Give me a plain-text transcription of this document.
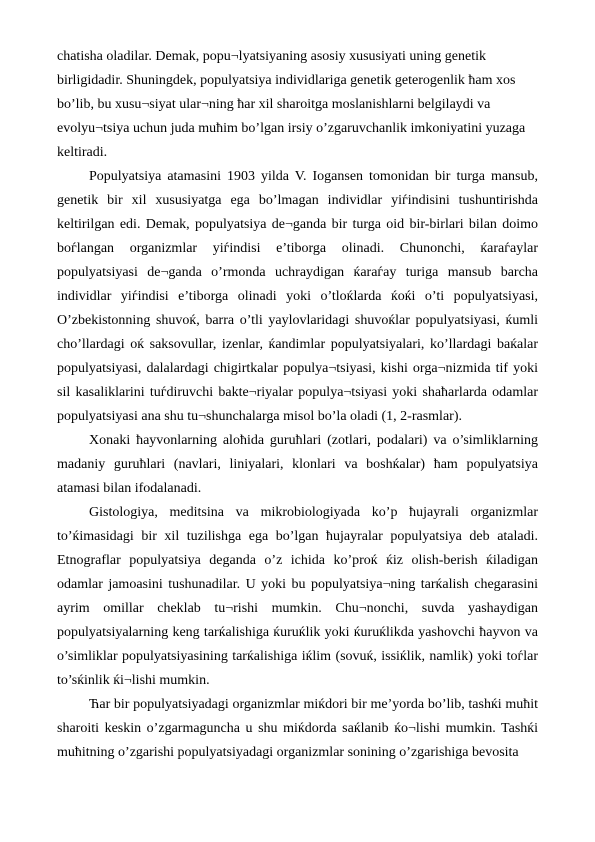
chatisha oladilar. Demak, popu¬lyatsiyaning asosiy xususiyati uning genetik
birligidadir. Shuningdek, populyatsiya individlariga genetik geterogenlik ћam xos
bo’lib, bu xusu¬siyat ular¬ning ћar xil sharoitga moslanishlarni belgilaydi va
evolyu¬tsiya uchun juda muћim bo’lgan irsiy o’zgaruvchanlik imkoniyatini yuzaga
keltiradi.

Populyatsiya atamasini 1903 yilda V. Iogansen tomonidan bir turga mansub, genetik bir xil xususiyatga ega bo’lmagan individlar yiѓindisini tushuntirishda keltirilgan edi. Demak, populyatsiya de¬ganda bir turga oid bir-birlari bilan doimo boѓlangan organizmlar yiѓindisi e’tiborga olinadi. Chunonchi, ќaraѓaylar populyatsiyasi de¬ganda o’rmonda uchraydigan ќaraѓay turiga mansub barcha individlar yiѓindisi e’tiborga olinadi yoki o’tloќlarda ќoќi o’ti populyatsiyasi, O’zbekistonning shuvoќ, barra o’tli yaylovlaridagi shuvoќlar populyatsiyasi, ќumli cho’llardagi oќ saksovullar, izenlar, ќandimlar populyatsiyalari, ko’llardagi baќalar populyatsiyasi, dalalardagi chigirtkalar populya¬tsiyasi, kishi orga¬nizmida tif yoki sil kasaliklarini tuѓdiruvchi bakte¬riyalar populya¬tsiyasi yoki shaћarlarda odamlar populyatsiyasi ana shu tu¬shunchalarga misol bo’la oladi (1, 2-rasmlar).

Xonaki ћayvonlarning aloћida guruћlari (zotlari, podalari) va o’simliklarning madaniy guruћlari (navlari, liniyalari, klonlari va boshќalar) ћam populyatsiya atamasi bilan ifodalanadi.

Gistologiya, meditsina va mikrobiologiyada ko’p ћujayrali organizmlar to’ќimasidagi bir xil tuzilishga ega bo’lgan ћujayralar populyatsiya deb ataladi. Etnograflar populyatsiya deganda o’z ichida ko’proќ ќiz olish-berish ќiladigan odamlar jamoasini tushunadilar. U yoki bu populyatsiya¬ning tarќalish chegarasini ayrim omillar cheklab tu¬rishi mumkin. Chu¬nonchi, suvda yashaydigan populyatsiyalarning keng tarќalishiga ќuruќlik yoki ќuruќlikda yashovchi ћayvon va o’simliklar populyatsiyasining tarќalishiga iќlim (sovuќ, issiќlik, namlik) yoki toѓlar to’sќinlik ќi¬lishi mumkin.

Ћar bir populyatsiyadagi organizmlar miќdori bir me’yorda bo’lib, tashќi muћit sharoiti keskin o’zgarmaguncha u shu miќdorda saќlanib ќo¬lishi mumkin. Tashќi muћitning o’zgarishi populyatsiyadagi organizmlar sonining o’zgarishiga bevosita
